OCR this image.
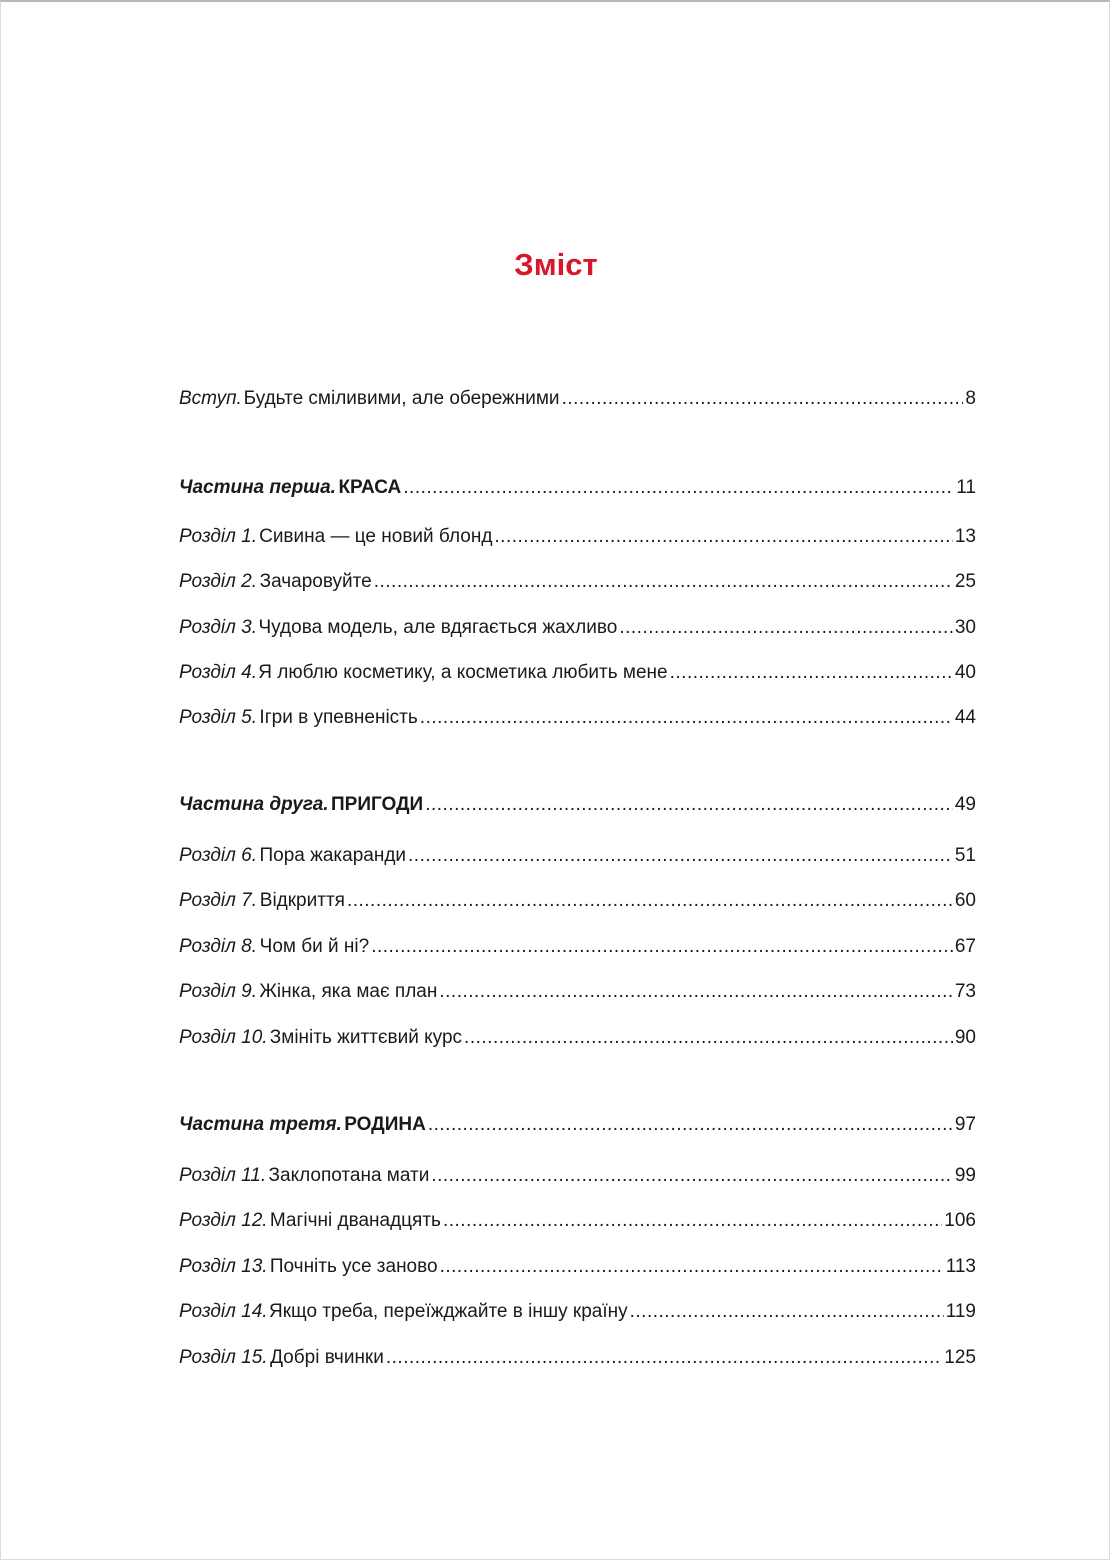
Зміст
Вступ. Будьте сміливими, але обережними .....	8
Частина перша. КРАСА .....	11
Розділ 1. Сивина — це новий блонд .....	13
Розділ 2. Зачаровуйте .....	25
Розділ 3. Чудова модель, але вдягається жахливо .....	30
Розділ 4. Я люблю косметику, а косметика любить мене .....	40
Розділ 5. Ігри в упевненість .....	44
Частина друга. ПРИГОДИ .....	49
Розділ 6. Пора жакаранди .....	51
Розділ 7. Відкриття .....	60
Розділ 8. Чом би й ні? .....	67
Розділ 9. Жінка, яка має план .....	73
Розділ 10. Змініть життєвий курс .....	90
Частина третя. РОДИНА .....	97
Розділ 11. Заклопотана мати .....	99
Розділ 12. Магічні дванадцять .....	106
Розділ 13. Почніть усе заново .....	113
Розділ 14. Якщо треба, переїжджайте в іншу країну .....	119
Розділ 15. Добрі вчинки .....	125
